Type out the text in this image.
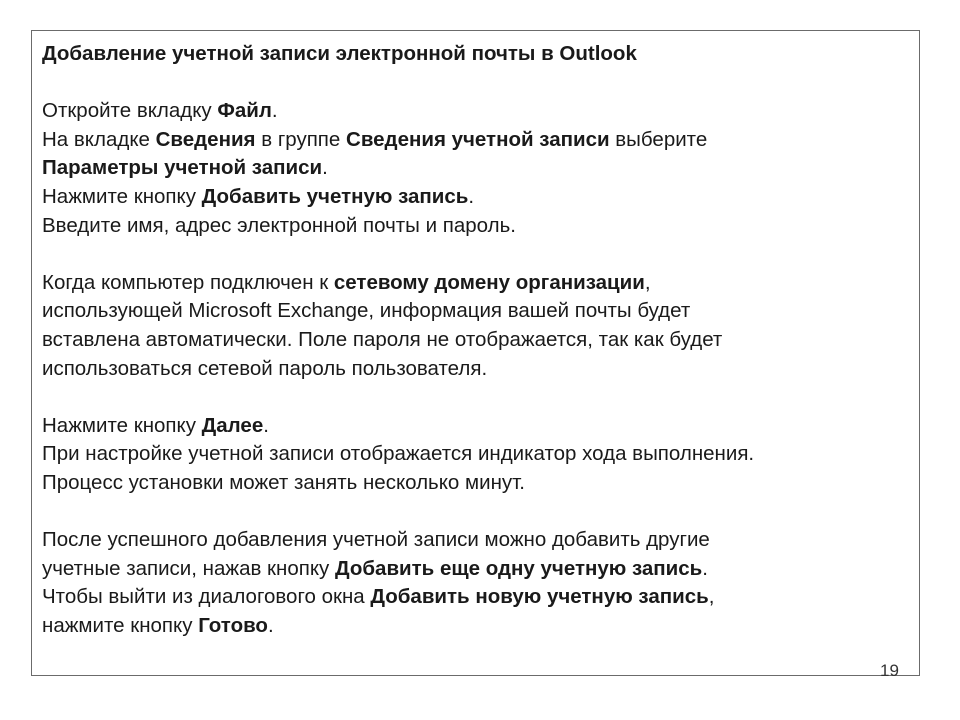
Добавление учетной записи электронной почты в Outlook

Откройте вкладку Файл.

На вкладке Сведения в группе Сведения учетной записи выберите

Параметры учетной записи.

Нажмите кнопку Добавить учетную запись.

Введите имя, адрес электронной почты и пароль.

Когда компьютер подключен к сетевому домену организации,

использующей Microsoft Exchange, информация вашей почты будет

вставлена автоматически. Поле пароля не отображается, так как будет

использоваться сетевой пароль пользователя.

Нажмите кнопку Далее.

При настройке учетной записи отображается индикатор хода выполнения.

Процесс установки может занять несколько минут.

После успешного добавления учетной записи можно добавить другие

учетные записи, нажав кнопку Добавить еще одну учетную запись.

Чтобы выйти из диалогового окна Добавить новую учетную запись,

нажмите кнопку Готово.

19
